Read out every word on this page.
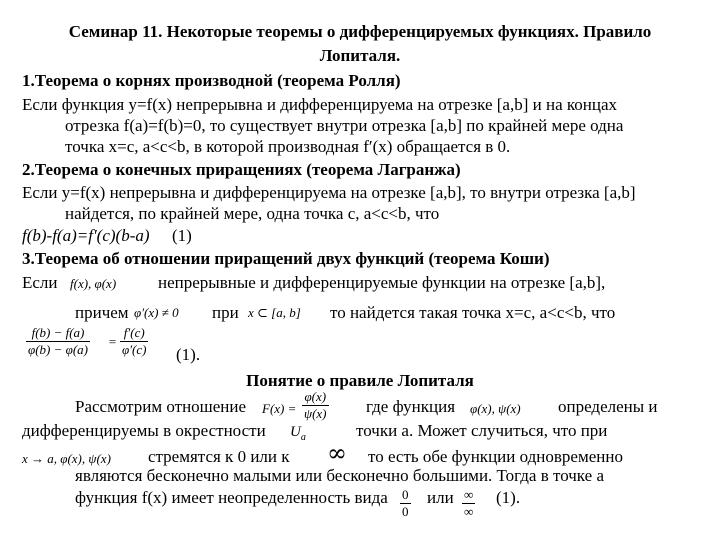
Семинар 11. Некоторые теоремы о дифференцируемых функциях. Правило
Лопиталя.
1.Теорема о корнях производной (теорема Ролля)
Если функция y=f(x) непрерывна и дифференцируема на отрезке [a,b] и на концах
отрезка f(a)=f(b)=0, то существует внутри отрезка [a,b] по крайней мере одна
точка x=c, a<c<b, в которой производная f′(x) обращается в 0.
2.Теорема о конечных приращениях (теорема Лагранжа)
Если y=f(x) непрерывна и дифференцируема на отрезке [a,b], то внутри отрезка [a,b]
найдется, по крайней мере, одна точка c, a<c<b, что
f(b)-f(a)=f′(c)(b-a) (1)
3.Теорема об отношении приращений двух функций (теорема Коши)
Если f(x), φ(x) непрерывные и дифференцируемые функции на отрезке [a,b],
причем φ′(x) ≠ 0 при x ⊂ [a, b] то найдется такая точка x=c, a<c<b, что
$\frac{f(b) - f(a)}{\varphi(b) - \varphi(a)} = \frac{f'(c)}{\varphi'(c)} (1)$.
Понятие о правиле Лопиталя
Рассмотрим отношение $F(x) = \frac{\varphi(x)}{\psi(x)}$ где функция φ(x), ψ(x) определены и
дифференцируемы в окрестности $U_a$	точки a. Может случиться, что при
x → a, φ(x), ψ(x) стремятся к 0 или к ∞ то есть обе функции одновременно
являются бесконечно малыми или бесконечно большими. Тогда в точке a
функция f(x) имеет неопределенность вида $\frac{0}{0}$ или ∞
∞
(1).
